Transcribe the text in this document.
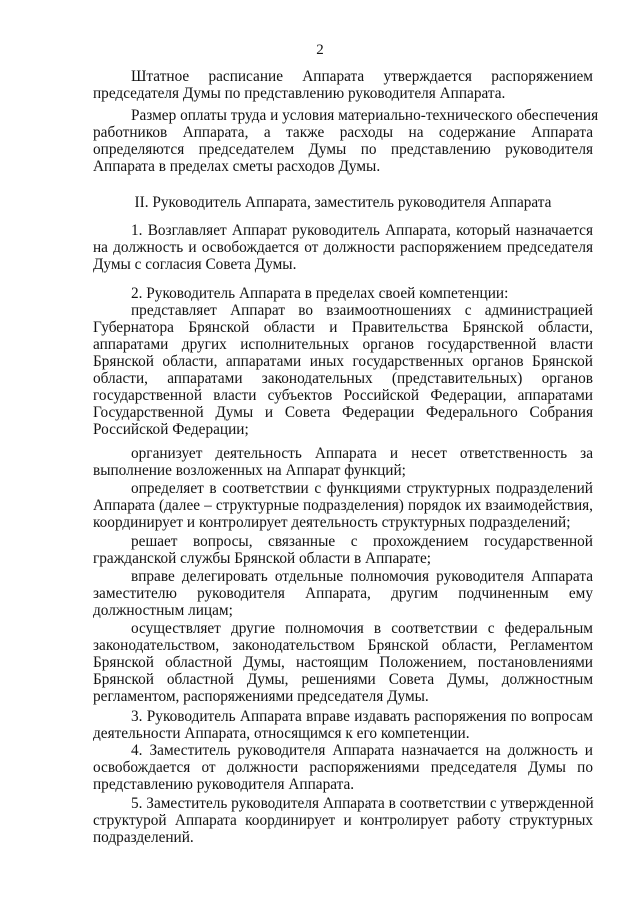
2

Штатное расписание Аппарата утверждается распоряжением
председателя Думы по представлению руководителя Аппарата.
Размер оплаты труда и условия материально-технического обеспечения
работников Аппарата, а также расходы на содержание Аппарата
определяются председателем Думы по представлению руководителя
Аппарата в пределах сметы расходов Думы.
II. Руководитель Аппарата, заместитель руководителя Аппарата
1. Возглавляет Аппарат руководитель Аппарата, который назначается
на должность и освобождается от должности распоряжением председателя
Думы с согласия Совета Думы.
2. Руководитель Аппарата в пределах своей компетенции:
представляет Аппарат во взаимоотношениях с администрацией
Губернатора Брянской области и Правительства Брянской области,
аппаратами других исполнительных органов государственной власти
Брянской области, аппаратами иных государственных органов Брянской
области, аппаратами законодательных (представительных) органов
государственной власти субъектов Российской Федерации, аппаратами
Государственной Думы и Совета Федерации Федерального Собрания
Российской Федерации;
организует деятельность Аппарата и несет ответственность за
выполнение возложенных на Аппарат функций;
определяет в соответствии с функциями структурных подразделений
Аппарата (далее – структурные подразделения) порядок их взаимодействия,
координирует и контролирует деятельность структурных подразделений;
решает вопросы, связанные с прохождением государственной
гражданской службы Брянской области в Аппарате;
вправе делегировать отдельные полномочия руководителя Аппарата
заместителю руководителя Аппарата, другим подчиненным ему
должностным лицам;
осуществляет другие полномочия в соответствии с федеральным
законодательством, законодательством Брянской области, Регламентом
Брянской областной Думы, настоящим Положением, постановлениями
Брянской областной Думы, решениями Совета Думы, должностным
регламентом, распоряжениями председателя Думы.
3. Руководитель Аппарата вправе издавать распоряжения по вопросам
деятельности Аппарата, относящимся к его компетенции.
4. Заместитель руководителя Аппарата назначается на должность и
освобождается от должности распоряжениями председателя Думы по
представлению руководителя Аппарата.
5. Заместитель руководителя Аппарата в соответствии с утвержденной
структурой Аппарата координирует и контролирует работу структурных
подразделений.
